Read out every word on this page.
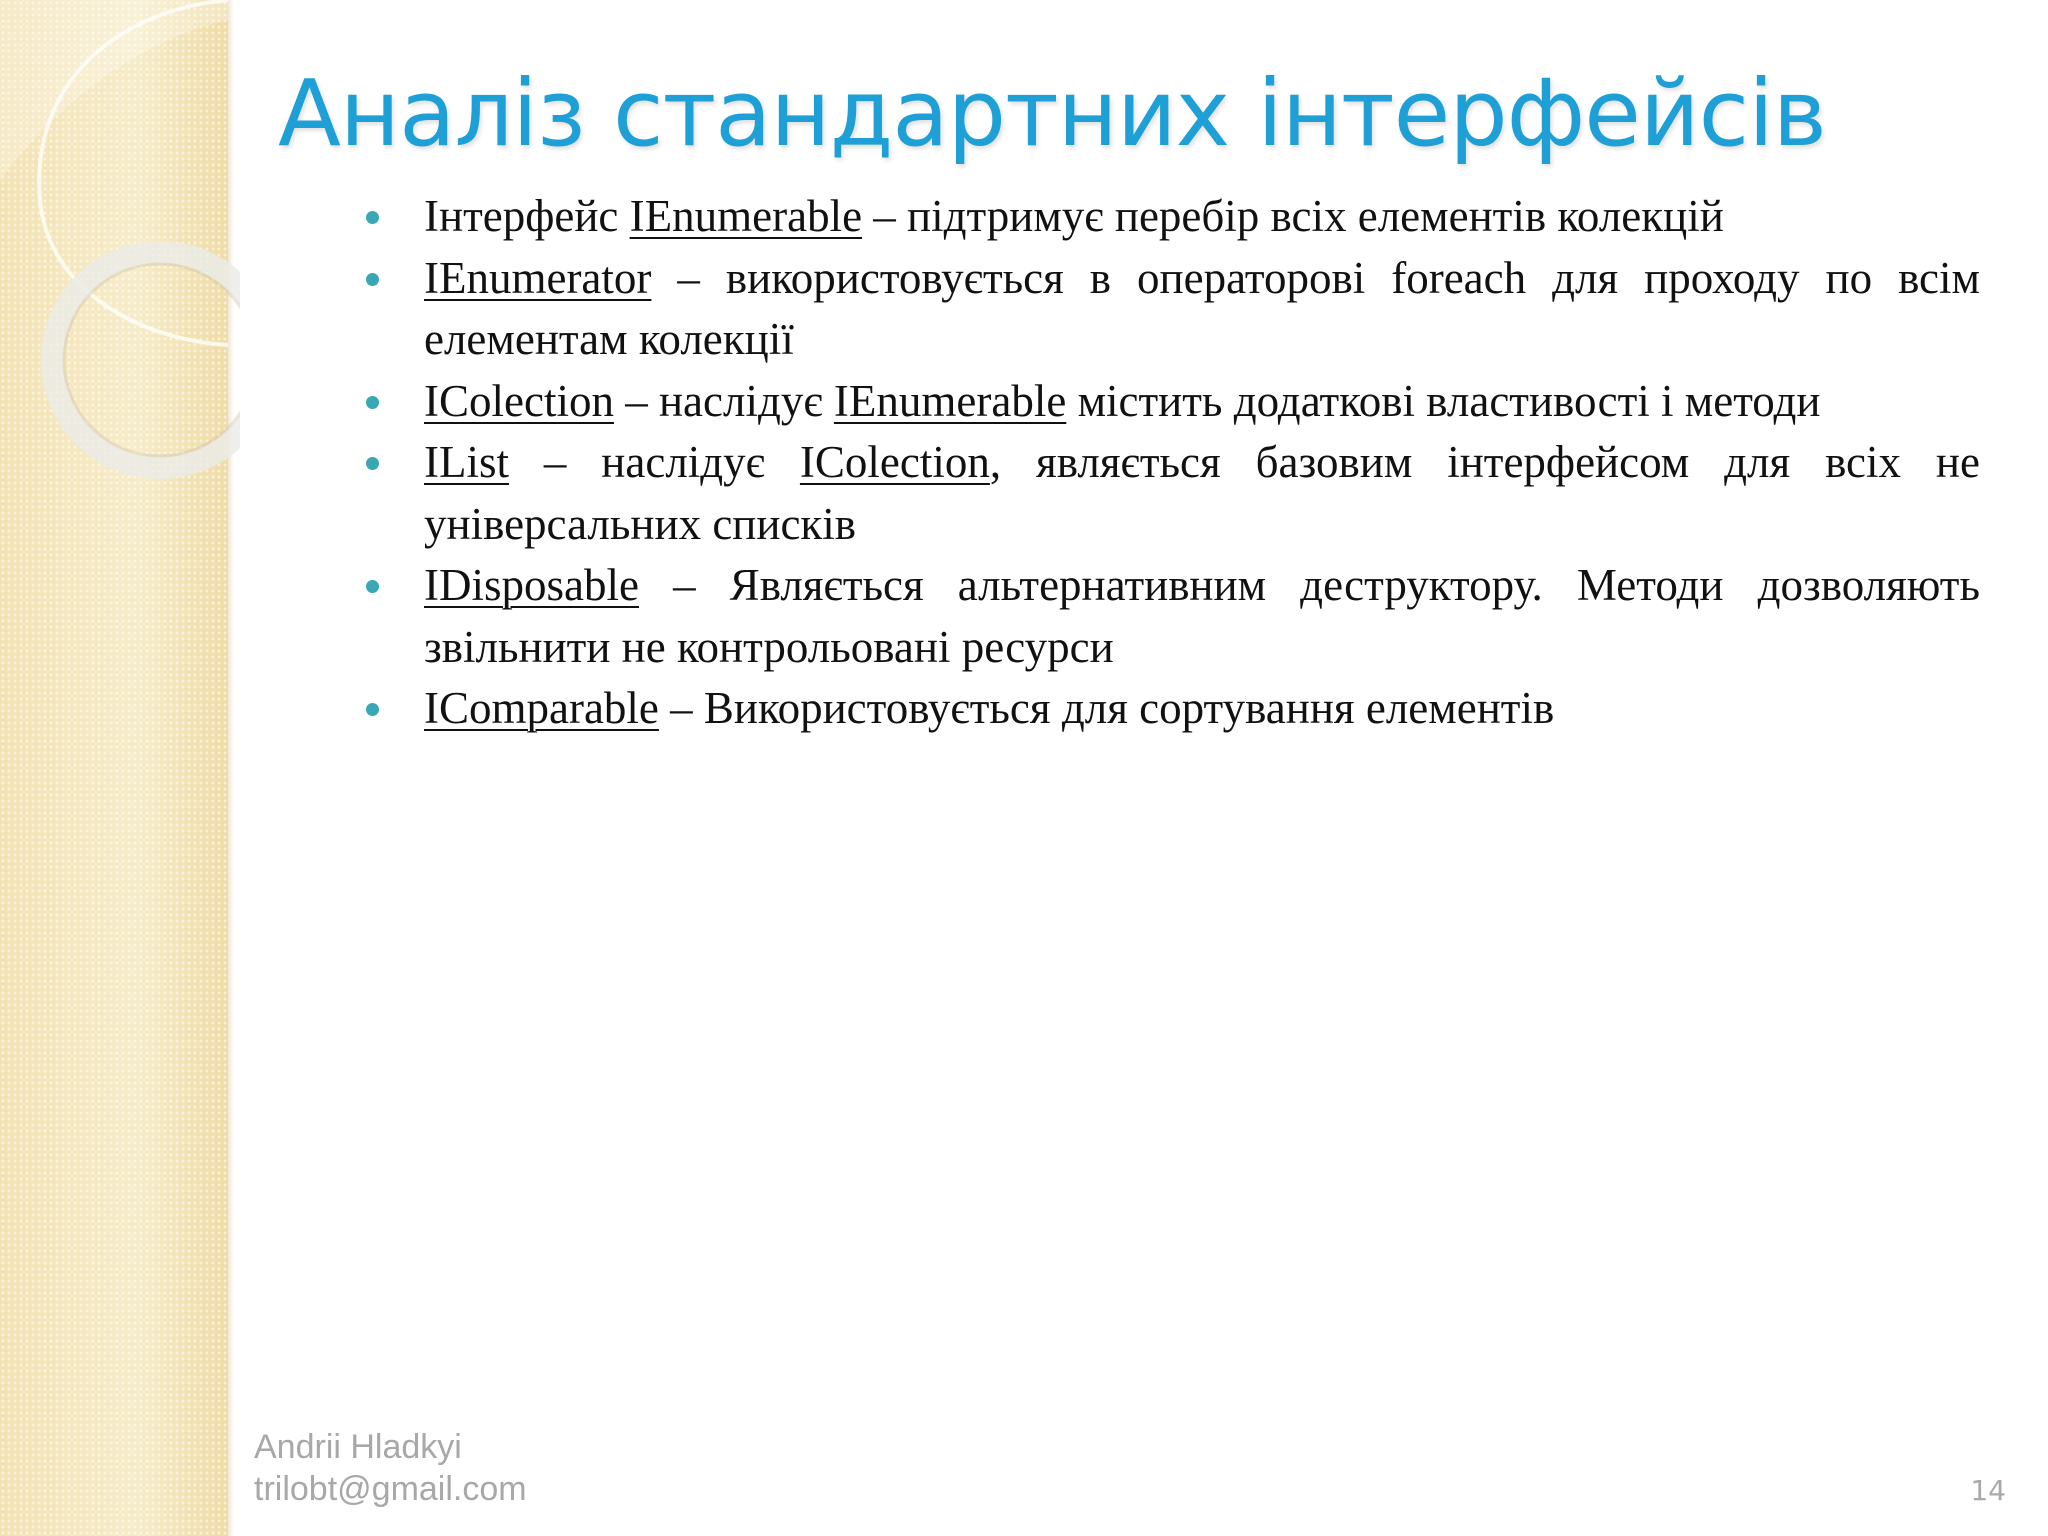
Аналіз стандартних інтерфейсів
Інтерфейс IEnumerable – підтримує перебір всіх елементів колекцій
IEnumerator – використовується в операторові foreach для проходу по всім елементам колекції
IColection – наслідує IEnumerable містить додаткові властивості і методи
IList – наслідує IColection, являється базовим інтерфейсом для всіх не універсальних списків
IDisposable – Являється альтернативним деструктору. Методи дозволяють звільнити не контрольовані ресурси
IComparable – Використовується для сортування елементів
Andrii Hladkyi
trilobt@gmail.com	14
